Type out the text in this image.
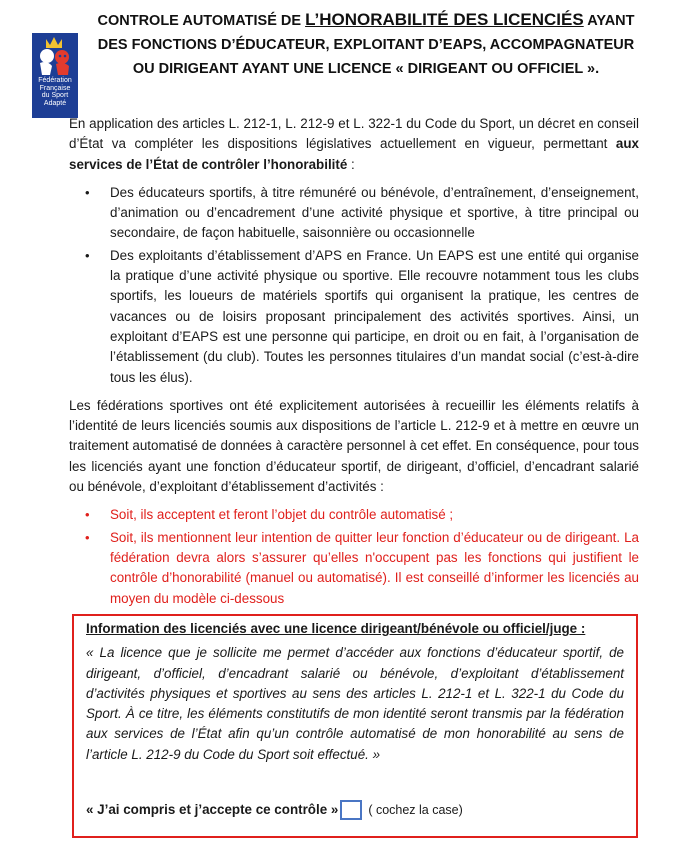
Fédération
Française
du Sport
Adapté
CONTROLE AUTOMATISÉ DE L’HONORABILITÉ DES LICENCIÉS AYANT DES FONCTIONS D’ÉDUCATEUR, EXPLOITANT D’EAPS, ACCOMPAGNATEUR OU DIRIGEANT AYANT UNE LICENCE « DIRIGEANT OU OFFICIEL ».

En application des articles L. 212-1, L. 212-9 et L. 322-1 du Code du Sport, un décret en conseil d’État va compléter les dispositions législatives actuellement en vigueur, permettant aux services de l’État de contrôler l’honorabilité :

• Des éducateurs sportifs, à titre rémunéré ou bénévole, d’entraînement, d’enseignement, d’animation ou d’encadrement d’une activité physique et sportive, à titre principal ou secondaire, de façon habituelle, saisonnière ou occasionnelle
• Des exploitants d’établissement d’APS en France. Un EAPS est une entité qui organise la pratique d’une activité physique ou sportive. Elle recouvre notamment tous les clubs sportifs, les loueurs de matériels sportifs qui organisent la pratique, les centres de vacances ou de loisirs proposant principalement des activités sportives. Ainsi, un exploitant d’EAPS est une personne qui participe, en droit ou en fait, à l’organisation de l’établissement (du club). Toutes les personnes titulaires d’un mandat social (c’est-à-dire tous les élus).

Les fédérations sportives ont été explicitement autorisées à recueillir les éléments relatifs à l’identité de leurs licenciés soumis aux dispositions de l’article L. 212-9 et à mettre en œuvre un traitement automatisé de données à caractère personnel à cet effet. En conséquence, pour tous les licenciés ayant une fonction d’éducateur sportif, de dirigeant, d’officiel, d’encadrant salarié ou bénévole, d’exploitant d’établissement d’activités :

• Soit, ils acceptent et feront l’objet du contrôle automatisé ;
• Soit, ils mentionnent leur intention de quitter leur fonction d’éducateur ou de dirigeant. La fédération devra alors s’assurer qu’elles n'occupent pas les fonctions qui justifient le contrôle d’honorabilité (manuel ou automatisé). Il est conseillé d’informer les licenciés au moyen du modèle ci-dessous
Information des licenciés avec une licence dirigeant/bénévole ou officiel/juge :
« La licence que je sollicite me permet d’accéder aux fonctions d’éducateur sportif, de dirigeant, d’officiel, d’encadrant salarié ou bénévole, d’exploitant d’établissement d’activités physiques et sportives au sens des articles L. 212-1 et L. 322-1 du Code du Sport. À ce titre, les éléments constitutifs de mon identité seront transmis par la fédération aux services de l’État afin qu’un contrôle automatisé de mon honorabilité au sens de l’article L. 212-9 du Code du Sport soit effectué. »
« J’ai compris et j’accepte ce contrôle » ( cochez la case)
